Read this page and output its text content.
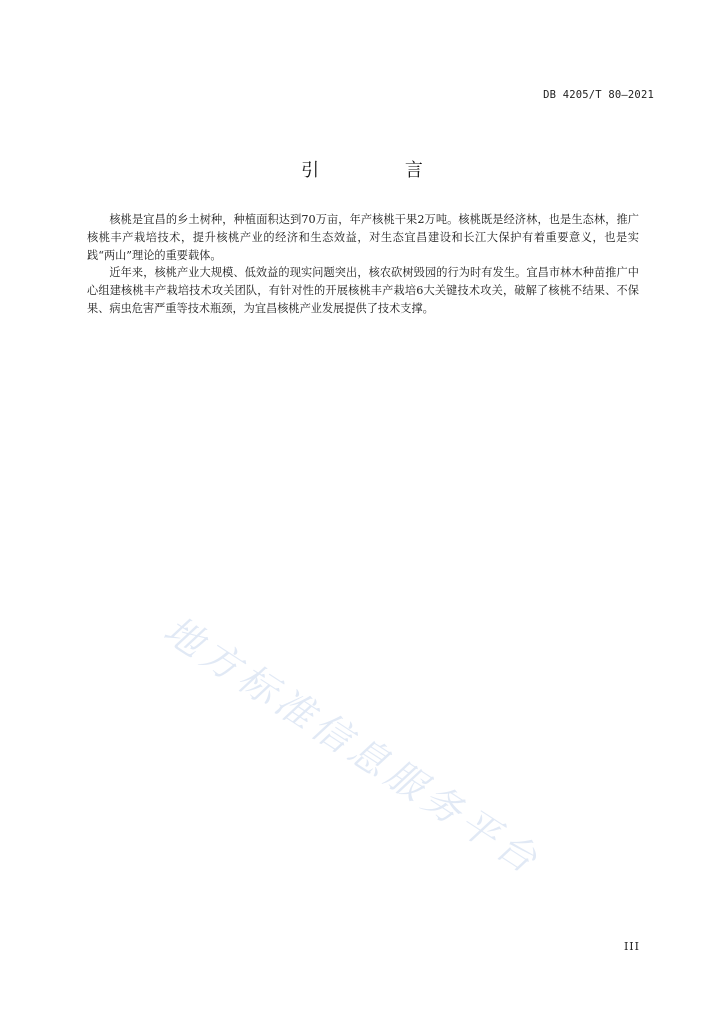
DB 4205/T 80—2021
引 言

核桃是宜昌的乡土树种，种植面积达到70万亩，年产核桃干果2万吨。核桃既是经济林，也是生态林，推广核桃丰产栽培技术，提升核桃产业的经济和生态效益，对生态宜昌建设和长江大保护有着重要意义，也是实践“两山”理论的重要载体。

近年来，核桃产业大规模、低效益的现实问题突出，核农砍树毁园的行为时有发生。宜昌市林木种苗推广中心组建核桃丰产栽培技术攻关团队，有针对性的开展核桃丰产栽培6大关键技术攻关，破解了核桃不结果、不保果、病虫危害严重等技术瓶颈，为宜昌核桃产业发展提供了技术支撑。

地方标准信息服务平台
III
